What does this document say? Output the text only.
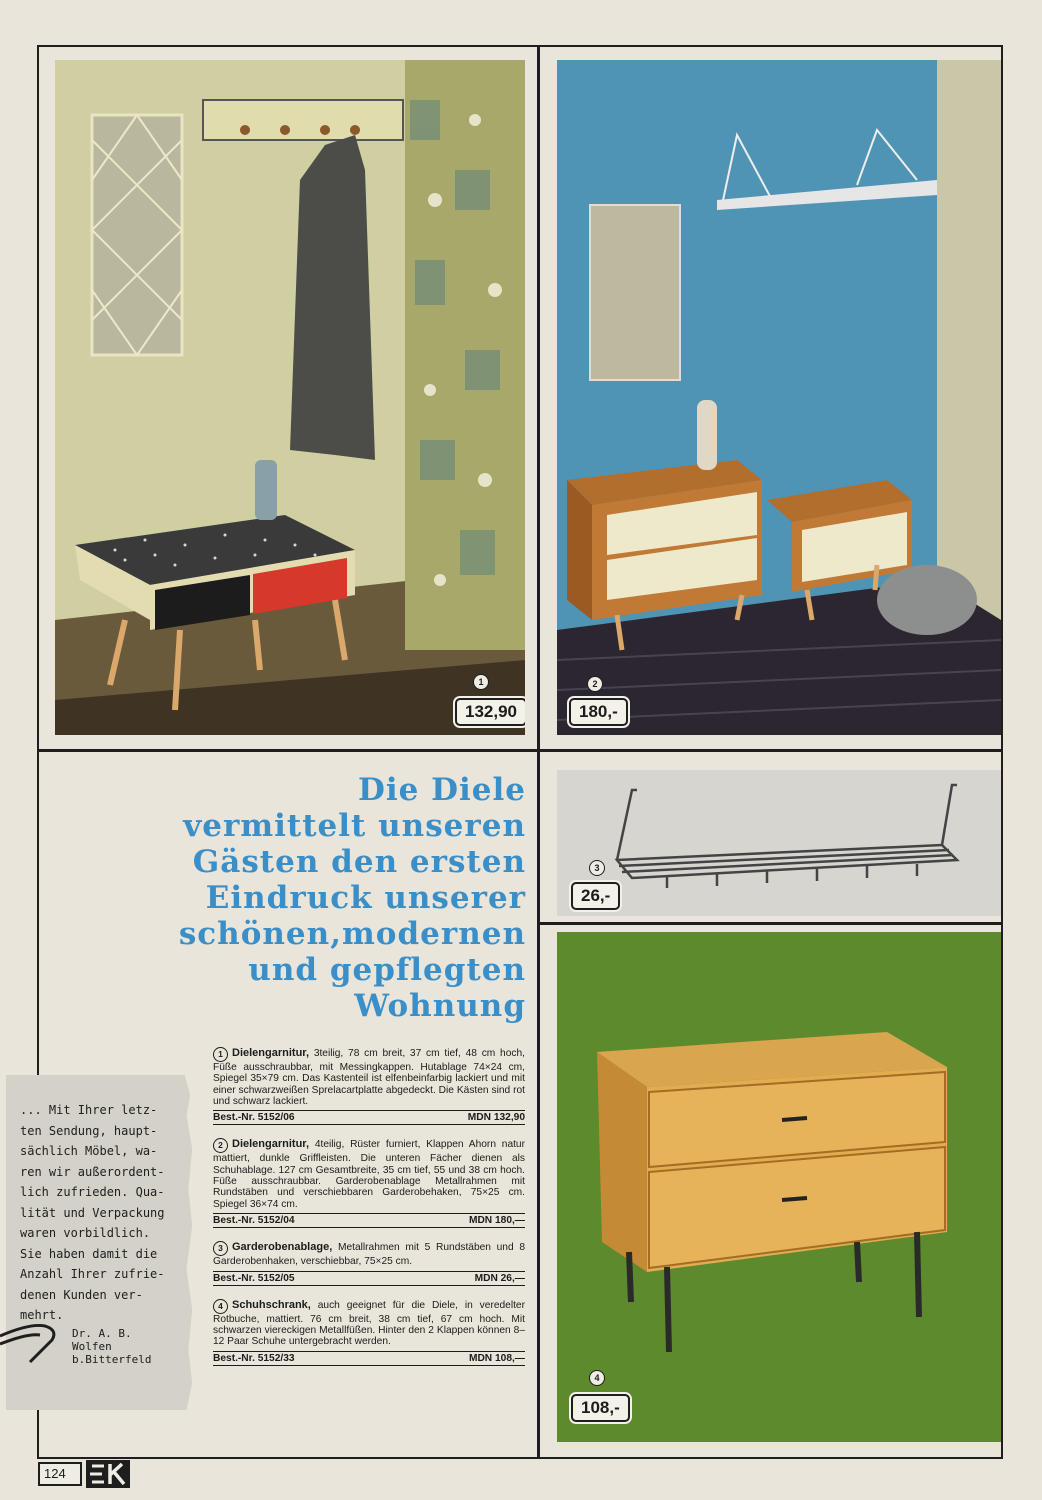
1
132,90
2
180,-
Die Diele
vermittelt unseren
Gästen den ersten
Eindruck unserer
schönen,modernen
und gepflegten
Wohnung
3
26,-
4
108,-
... Mit Ihrer letz-
ten Sendung, haupt-
sächlich Möbel, wa-
ren wir außerordent-
lich zufrieden. Qua-
lität und Verpackung
waren vorbildlich.
Sie haben damit die
Anzahl Ihrer zufrie-
denen Kunden ver-
mehrt.
Dr. A. B.
Wolfen
b.Bitterfeld
1 Dielengarnitur, 3teilig, 78 cm breit, 37 cm tief, 48 cm hoch, Füße ausschraubbar, mit Messingkappen. Hutablage 74×24 cm, Spiegel 35×79 cm. Das Kastenteil ist elfenbeinfarbig lackiert und mit einer schwarzweißen Sprelacartplatte abgedeckt. Die Kästen sind rot und schwarz lackiert.
Best.-Nr. 5152/06	MDN 132,90
2 Dielengarnitur, 4teilig, Rüster furniert, Klappen Ahorn natur mattiert, dunkle Griffleisten. Die unteren Fächer dienen als Schuhablage. 127 cm Gesamtbreite, 35 cm tief, 55 und 38 cm hoch. Füße ausschraubbar. Garderobenablage Metallrahmen mit Rundstäben und verschiebbaren Garderobehaken, 75×25 cm. Spiegel 36×74 cm.
Best.-Nr. 5152/04	MDN 180,—
3 Garderobenablage, Metallrahmen mit 5 Rundstäben und 8 Garderobenhaken, verschiebbar, 75×25 cm.
Best.-Nr. 5152/05	MDN 26,—
4 Schuhschrank, auch geeignet für die Diele, in veredelter Rotbuche, mattiert. 76 cm breit, 38 cm tief, 67 cm hoch. Mit schwarzen viereckigen Metallfüßen. Hinter den 2 Klappen können 8–12 Paar Schuhe untergebracht werden.
Best.-Nr. 5152/33	MDN 108,—
124
